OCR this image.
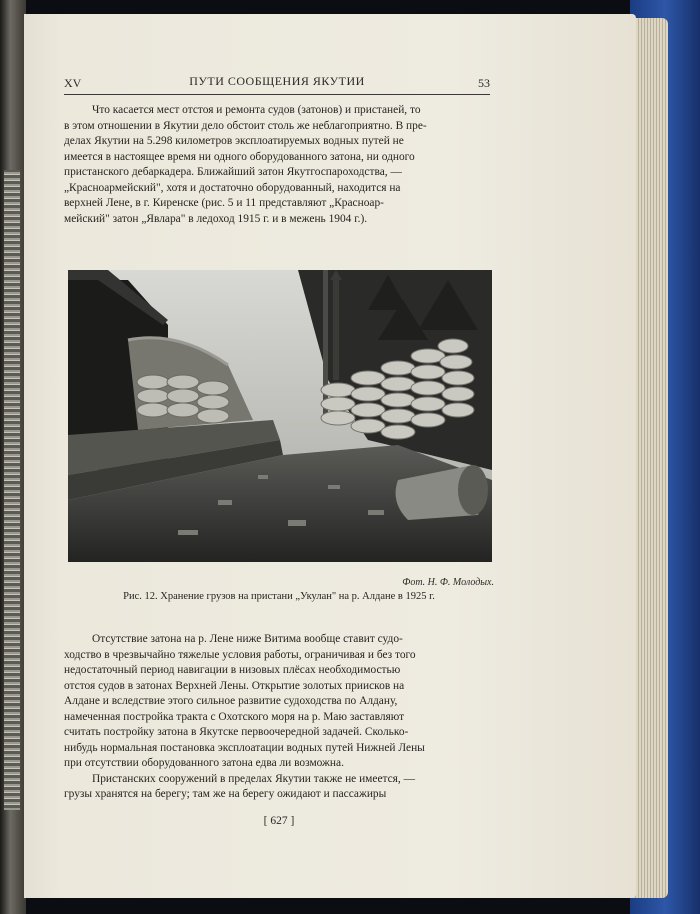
XV	ПУТИ СООБЩЕНИЯ ЯКУТИИ	53

Что касается мест отстоя и ремонта судов (затонов) и пристаней, то

в этом отношении в Якутии дело обстоит столь же неблагоприятно. В пре-

делах Якутии на 5.298 километров эксплоатируемых водных путей не

имеется в настоящее время ни одного оборудованного затона, ни одного

пристанского дебаркадера. Ближайший затон Якутгоспароходства, —

„Красноармейский", хотя и достаточно оборудованный, находится на

верхней Лене, в г. Киренске (рис. 5 и 11 представляют „Красноар-

мейский" затон „Явлара" в ледоход 1915 г. и в межень 1904 г.).

Фот. Н. Ф. Молодых.
Рис. 12. Хранение грузов на пристани „Укулан" на р. Алдане в 1925 г.

Отсутствие затона на р. Лене ниже Витима вообще ставит судо-

ходство в чрезвычайно тяжелые условия работы, ограничивая и без того

недостаточный период навигации в низовых плёсах необходимостью

отстоя судов в затонах Верхней Лены. Открытие золотых приисков на

Алдане и вследствие этого сильное развитие судоходства по Алдану,

намеченная постройка тракта с Охотского моря на р. Маю заставляют

считать постройку затона в Якутске первоочередной задачей. Сколько-

нибудь нормальная постановка эксплоатации водных путей Нижней Лены

при отсутствии оборудованного затона едва ли возможна.

Пристанских сооружений в пределах Якутии также не имеется, —

грузы хранятся на берегу; там же на берегу ожидают и пассажиры

[ 627 ]
